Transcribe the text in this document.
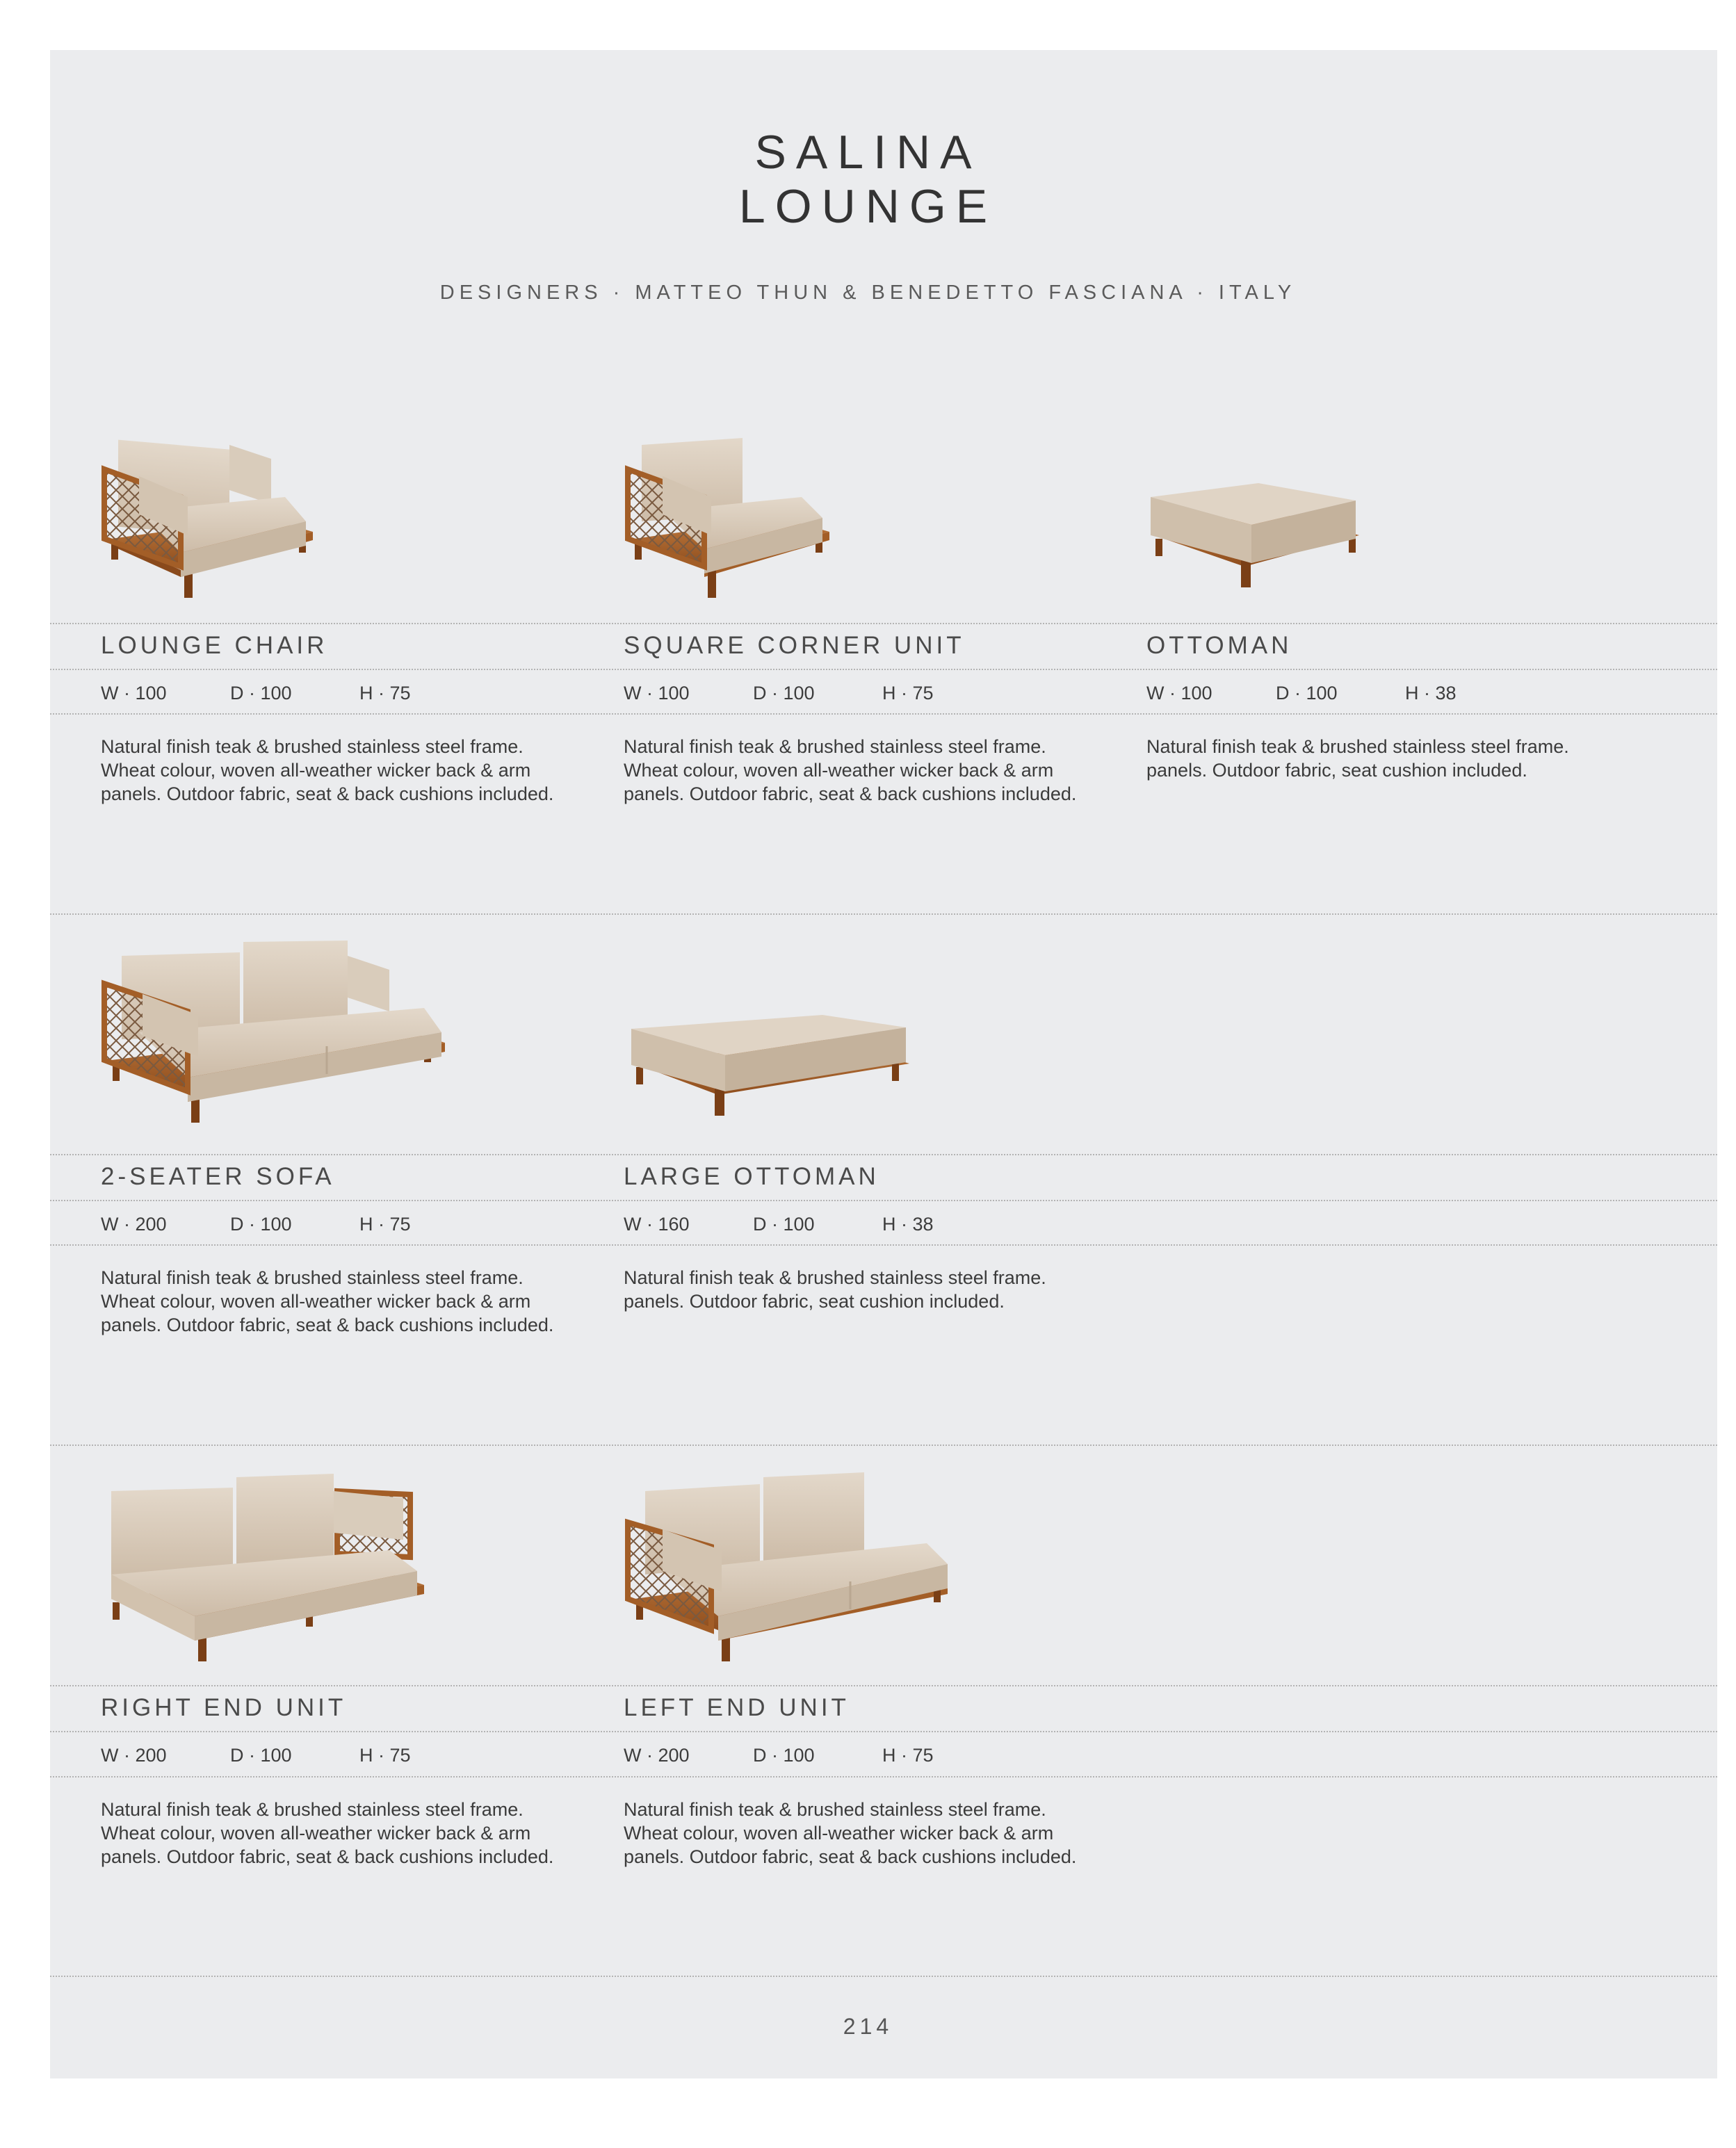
SALINA
LOUNGE
DESIGNERS · MATTEO THUN & BENEDETTO FASCIANA · ITALY
LOUNGE CHAIR
W · 100	D · 100	H · 75
Natural finish teak & brushed stainless steel frame.
Wheat colour, woven all-weather wicker back & arm
panels. Outdoor fabric, seat & back cushions included.
SQUARE CORNER UNIT
W · 100	D · 100	H · 75
Natural finish teak & brushed stainless steel frame.
Wheat colour, woven all-weather wicker back & arm
panels. Outdoor fabric, seat & back cushions included.
OTTOMAN
W · 100	D · 100	H · 38
Natural finish teak & brushed stainless steel frame.
panels. Outdoor fabric, seat cushion included.
2-SEATER SOFA
W · 200	D · 100	H · 75
Natural finish teak & brushed stainless steel frame.
Wheat colour, woven all-weather wicker back & arm
panels. Outdoor fabric, seat & back cushions included.
LARGE OTTOMAN
W · 160	D · 100	H · 38
Natural finish teak & brushed stainless steel frame.
panels. Outdoor fabric, seat cushion included.
RIGHT END UNIT
W · 200	D · 100	H · 75
Natural finish teak & brushed stainless steel frame.
Wheat colour, woven all-weather wicker back & arm
panels. Outdoor fabric, seat & back cushions included.
LEFT END UNIT
W · 200	D · 100	H · 75
Natural finish teak & brushed stainless steel frame.
Wheat colour, woven all-weather wicker back & arm
panels. Outdoor fabric, seat & back cushions included.
214
